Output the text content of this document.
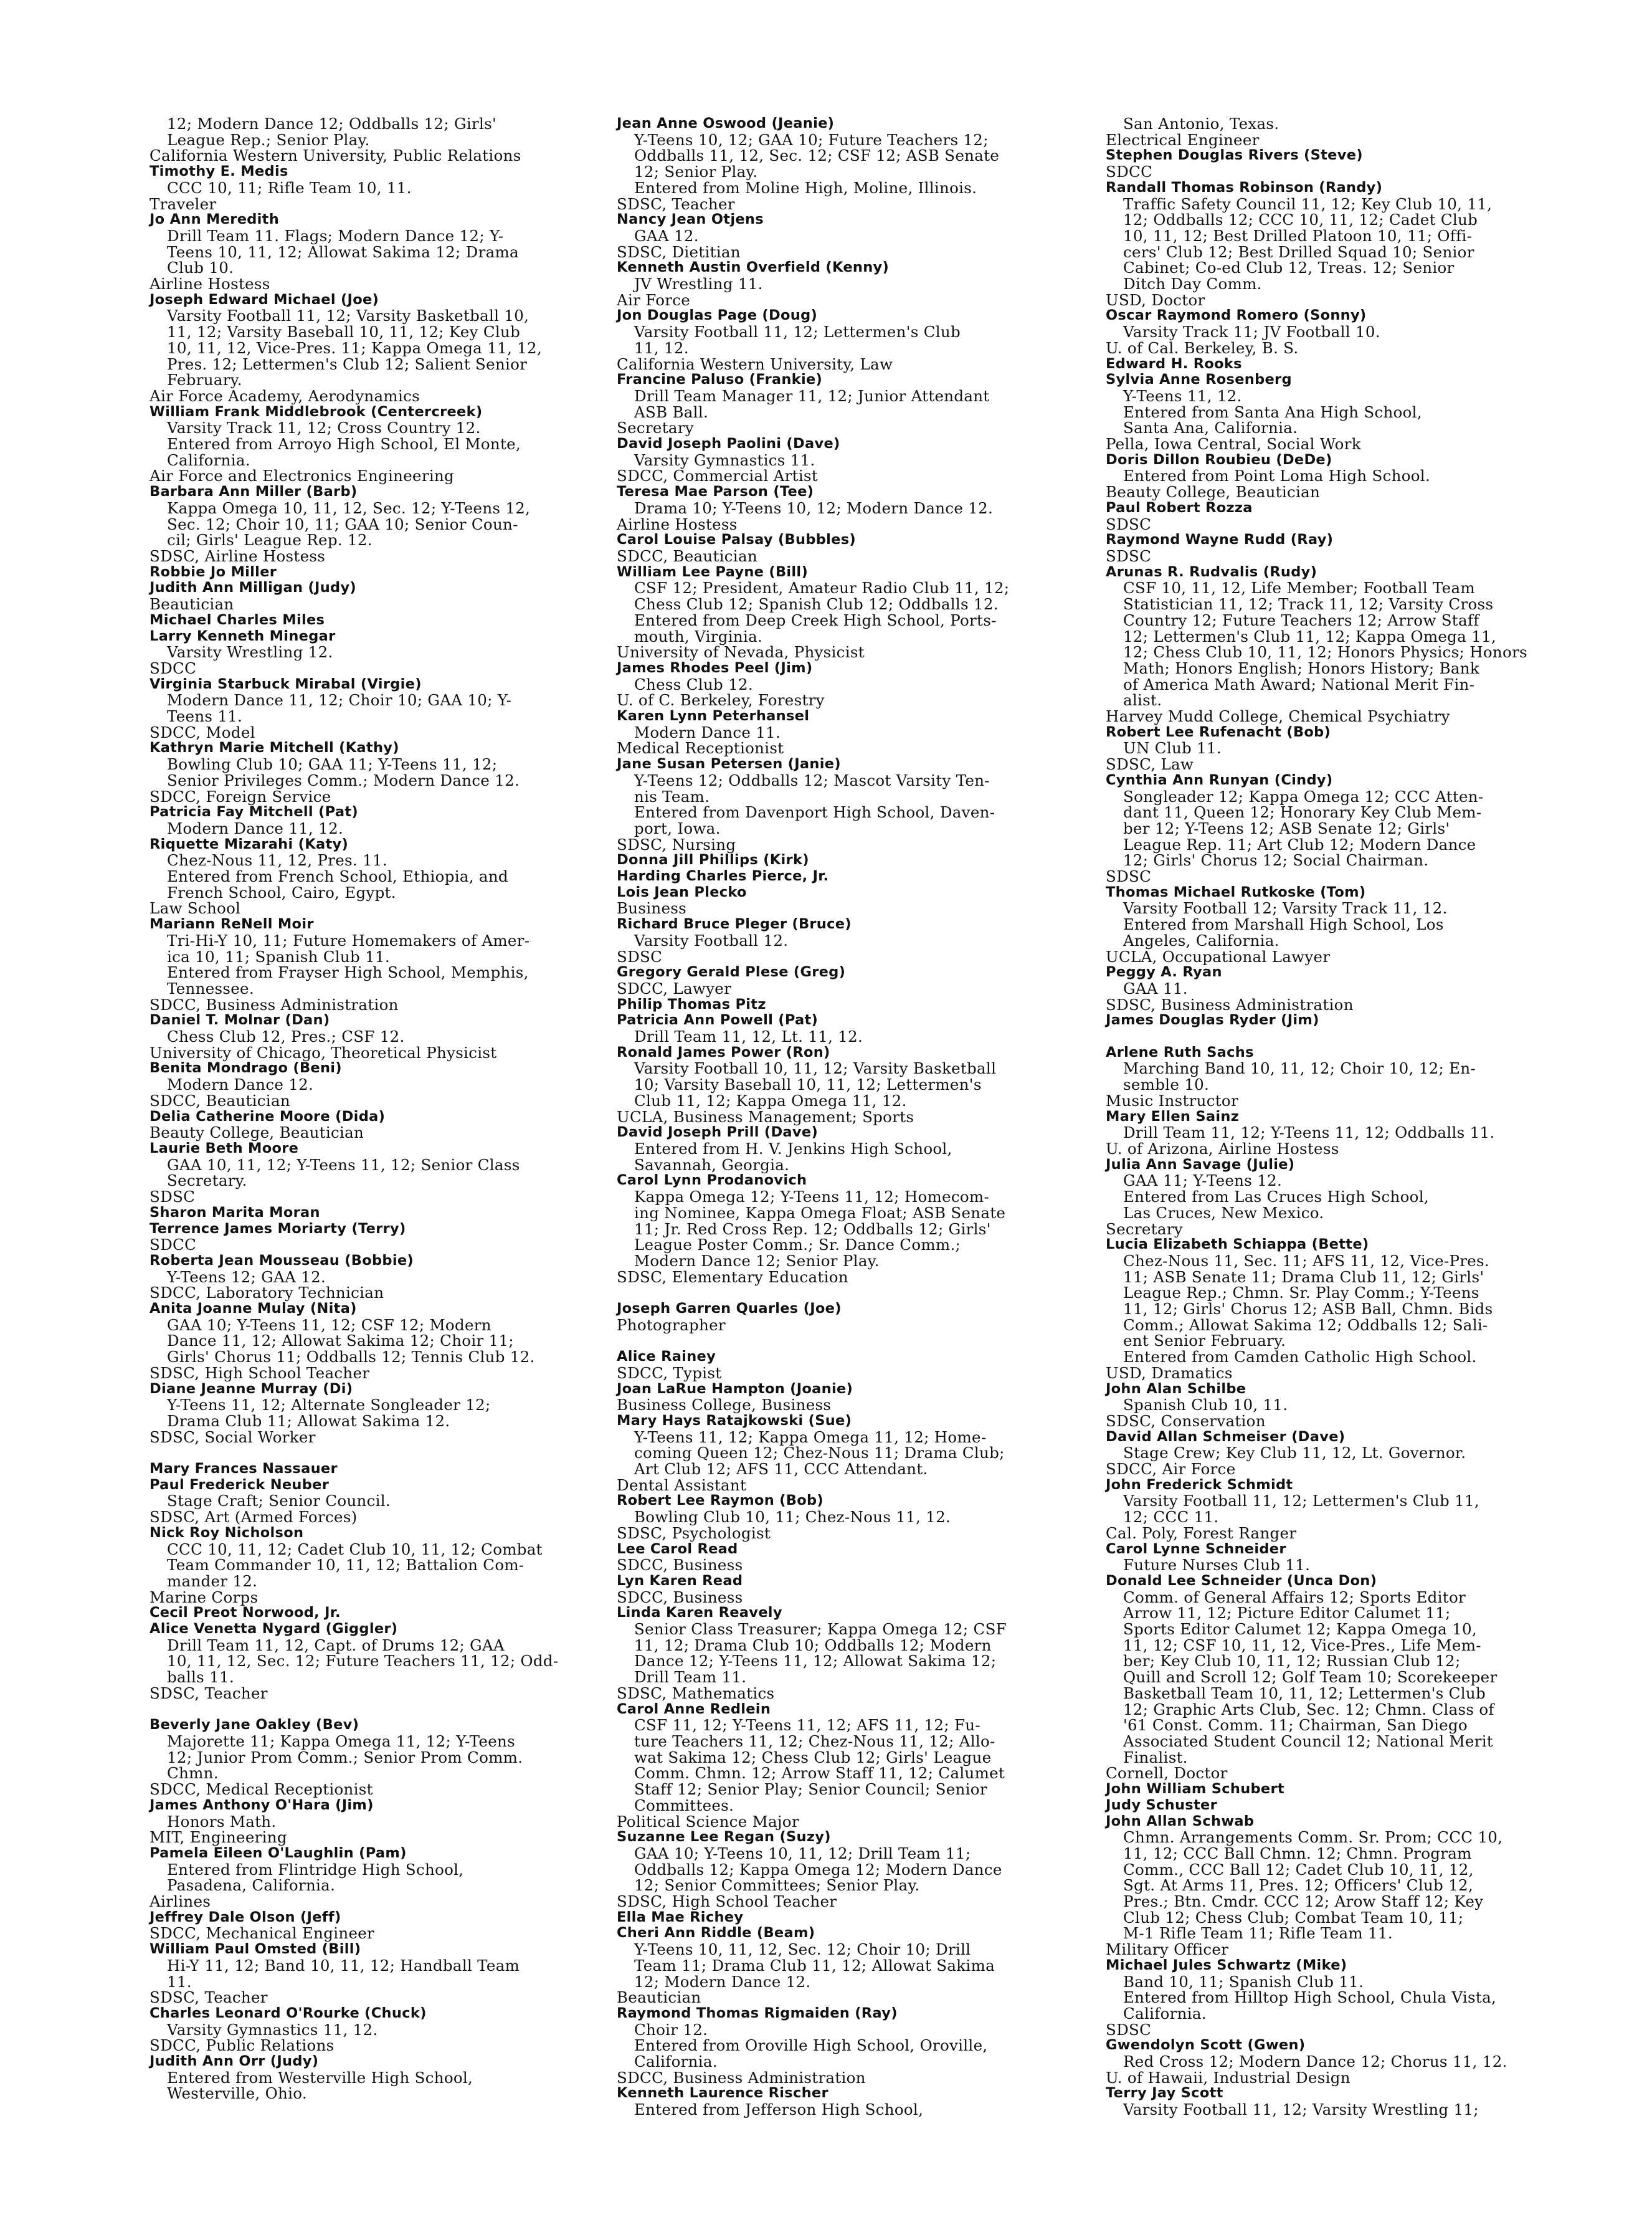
12; Modern Dance 12; Oddballs 12; Girls'
League Rep.; Senior Play.
California Western University, Public Relations
Timothy E. Medis
CCC 10, 11; Rifle Team 10, 11.
Traveler
Jo Ann Meredith
Drill Team 11. Flags; Modern Dance 12; Y-
Teens 10, 11, 12; Allowat Sakima 12; Drama
Club 10.
Airline Hostess
Joseph Edward Michael (Joe)
Varsity Football 11, 12; Varsity Basketball 10,
11, 12; Varsity Baseball 10, 11, 12; Key Club
10, 11, 12, Vice-Pres. 11; Kappa Omega 11, 12,
Pres. 12; Lettermen's Club 12; Salient Senior
February.
Air Force Academy, Aerodynamics
William Frank Middlebrook (Centercreek)
Varsity Track 11, 12; Cross Country 12.
Entered from Arroyo High School, El Monte,
California.
Air Force and Electronics Engineering
Barbara Ann Miller (Barb)
Kappa Omega 10, 11, 12, Sec. 12; Y-Teens 12,
Sec. 12; Choir 10, 11; GAA 10; Senior Coun-
cil; Girls' League Rep. 12.
SDSC, Airline Hostess
Robbie Jo Miller
Judith Ann Milligan (Judy)
Beautician
Michael Charles Miles
Larry Kenneth Minegar
Varsity Wrestling 12.
SDCC
Virginia Starbuck Mirabal (Virgie)
Modern Dance 11, 12; Choir 10; GAA 10; Y-
Teens 11.
SDCC, Model
Kathryn Marie Mitchell (Kathy)
Bowling Club 10; GAA 11; Y-Teens 11, 12;
Senior Privileges Comm.; Modern Dance 12.
SDCC, Foreign Service
Patricia Fay Mitchell (Pat)
Modern Dance 11, 12.
Riquette Mizarahi (Katy)
Chez-Nous 11, 12, Pres. 11.
Entered from French School, Ethiopia, and
French School, Cairo, Egypt.
Law School
Mariann ReNell Moir
Tri-Hi-Y 10, 11; Future Homemakers of Amer-
ica 10, 11; Spanish Club 11.
Entered from Frayser High School, Memphis,
Tennessee.
SDCC, Business Administration
Daniel T. Molnar (Dan)
Chess Club 12, Pres.; CSF 12.
University of Chicago, Theoretical Physicist
Benita Mondrago (Beni)
Modern Dance 12.
SDCC, Beautician
Delia Catherine Moore (Dida)
Beauty College, Beautician
Laurie Beth Moore
GAA 10, 11, 12; Y-Teens 11, 12; Senior Class
Secretary.
SDSC
Sharon Marita Moran
Terrence James Moriarty (Terry)
SDCC
Roberta Jean Mousseau (Bobbie)
Y-Teens 12; GAA 12.
SDCC, Laboratory Technician
Anita Joanne Mulay (Nita)
GAA 10; Y-Teens 11, 12; CSF 12; Modern
Dance 11, 12; Allowat Sakima 12; Choir 11;
Girls' Chorus 11; Oddballs 12; Tennis Club 12.
SDSC, High School Teacher
Diane Jeanne Murray (Di)
Y-Teens 11, 12; Alternate Songleader 12;
Drama Club 11; Allowat Sakima 12.
SDSC, Social Worker
Mary Frances Nassauer
Paul Frederick Neuber
Stage Craft; Senior Council.
SDSC, Art (Armed Forces)
Nick Roy Nicholson
CCC 10, 11, 12; Cadet Club 10, 11, 12; Combat
Team Commander 10, 11, 12; Battalion Com-
mander 12.
Marine Corps
Cecil Preot Norwood, Jr.
Alice Venetta Nygard (Giggler)
Drill Team 11, 12, Capt. of Drums 12; GAA
10, 11, 12, Sec. 12; Future Teachers 11, 12; Odd-
balls 11.
SDSC, Teacher
Beverly Jane Oakley (Bev)
Majorette 11; Kappa Omega 11, 12; Y-Teens
12; Junior Prom Comm.; Senior Prom Comm.
Chmn.
SDCC, Medical Receptionist
James Anthony O'Hara (Jim)
Honors Math.
MIT, Engineering
Pamela Eileen O'Laughlin (Pam)
Entered from Flintridge High School,
Pasadena, California.
Airlines
Jeffrey Dale Olson (Jeff)
SDCC, Mechanical Engineer
William Paul Omsted (Bill)
Hi-Y 11, 12; Band 10, 11, 12; Handball Team
11.
SDSC, Teacher
Charles Leonard O'Rourke (Chuck)
Varsity Gymnastics 11, 12.
SDCC, Public Relations
Judith Ann Orr (Judy)
Entered from Westerville High School,
Westerville, Ohio.
Jean Anne Oswood (Jeanie)
Y-Teens 10, 12; GAA 10; Future Teachers 12;
Oddballs 11, 12, Sec. 12; CSF 12; ASB Senate
12; Senior Play.
Entered from Moline High, Moline, Illinois.
SDSC, Teacher
Nancy Jean Otjens
GAA 12.
SDSC, Dietitian
Kenneth Austin Overfield (Kenny)
JV Wrestling 11.
Air Force
Jon Douglas Page (Doug)
Varsity Football 11, 12; Lettermen's Club
11, 12.
California Western University, Law
Francine Paluso (Frankie)
Drill Team Manager 11, 12; Junior Attendant
ASB Ball.
Secretary
David Joseph Paolini (Dave)
Varsity Gymnastics 11.
SDCC, Commercial Artist
Teresa Mae Parson (Tee)
Drama 10; Y-Teens 10, 12; Modern Dance 12.
Airline Hostess
Carol Louise Palsay (Bubbles)
SDCC, Beautician
William Lee Payne (Bill)
CSF 12; President, Amateur Radio Club 11, 12;
Chess Club 12; Spanish Club 12; Oddballs 12.
Entered from Deep Creek High School, Ports-
mouth, Virginia.
University of Nevada, Physicist
James Rhodes Peel (Jim)
Chess Club 12.
U. of C. Berkeley, Forestry
Karen Lynn Peterhansel
Modern Dance 11.
Medical Receptionist
Jane Susan Petersen (Janie)
Y-Teens 12; Oddballs 12; Mascot Varsity Ten-
nis Team.
Entered from Davenport High School, Daven-
port, Iowa.
SDSC, Nursing
Donna Jill Phillips (Kirk)
Harding Charles Pierce, Jr.
Lois Jean Plecko
Business
Richard Bruce Pleger (Bruce)
Varsity Football 12.
SDSC
Gregory Gerald Plese (Greg)
SDCC, Lawyer
Philip Thomas Pitz
Patricia Ann Powell (Pat)
Drill Team 11, 12, Lt. 11, 12.
Ronald James Power (Ron)
Varsity Football 10, 11, 12; Varsity Basketball
10; Varsity Baseball 10, 11, 12; Lettermen's
Club 11, 12; Kappa Omega 11, 12.
UCLA, Business Management; Sports
David Joseph Prill (Dave)
Entered from H. V. Jenkins High School,
Savannah, Georgia.
Carol Lynn Prodanovich
Kappa Omega 12; Y-Teens 11, 12; Homecom-
ing Nominee, Kappa Omega Float; ASB Senate
11; Jr. Red Cross Rep. 12; Oddballs 12; Girls'
League Poster Comm.; Sr. Dance Comm.;
Modern Dance 12; Senior Play.
SDSC, Elementary Education
Joseph Garren Quarles (Joe)
Photographer
Alice Rainey
SDCC, Typist
Joan LaRue Hampton (Joanie)
Business College, Business
Mary Hays Ratajkowski (Sue)
Y-Teens 11, 12; Kappa Omega 11, 12; Home-
coming Queen 12; Chez-Nous 11; Drama Club;
Art Club 12; AFS 11, CCC Attendant.
Dental Assistant
Robert Lee Raymon (Bob)
Bowling Club 10, 11; Chez-Nous 11, 12.
SDSC, Psychologist
Lee Carol Read
SDCC, Business
Lyn Karen Read
SDCC, Business
Linda Karen Reavely
Senior Class Treasurer; Kappa Omega 12; CSF
11, 12; Drama Club 10; Oddballs 12; Modern
Dance 12; Y-Teens 11, 12; Allowat Sakima 12;
Drill Team 11.
SDSC, Mathematics
Carol Anne Redlein
CSF 11, 12; Y-Teens 11, 12; AFS 11, 12; Fu-
ture Teachers 11, 12; Chez-Nous 11, 12; Allo-
wat Sakima 12; Chess Club 12; Girls' League
Comm. Chmn. 12; Arrow Staff 11, 12; Calumet
Staff 12; Senior Play; Senior Council; Senior
Committees.
Political Science Major
Suzanne Lee Regan (Suzy)
GAA 10; Y-Teens 10, 11, 12; Drill Team 11;
Oddballs 12; Kappa Omega 12; Modern Dance
12; Senior Committees; Senior Play.
SDSC, High School Teacher
Ella Mae Richey
Cheri Ann Riddle (Beam)
Y-Teens 10, 11, 12, Sec. 12; Choir 10; Drill
Team 11; Drama Club 11, 12; Allowat Sakima
12; Modern Dance 12.
Beautician
Raymond Thomas Rigmaiden (Ray)
Choir 12.
Entered from Oroville High School, Oroville,
California.
SDCC, Business Administration
Kenneth Laurence Rischer
Entered from Jefferson High School,
San Antonio, Texas.
Electrical Engineer
Stephen Douglas Rivers (Steve)
SDCC
Randall Thomas Robinson (Randy)
Traffic Safety Council 11, 12; Key Club 10, 11,
12; Oddballs 12; CCC 10, 11, 12; Cadet Club
10, 11, 12; Best Drilled Platoon 10, 11; Offi-
cers' Club 12; Best Drilled Squad 10; Senior
Cabinet; Co-ed Club 12, Treas. 12; Senior
Ditch Day Comm.
USD, Doctor
Oscar Raymond Romero (Sonny)
Varsity Track 11; JV Football 10.
U. of Cal. Berkeley, B. S.
Edward H. Rooks
Sylvia Anne Rosenberg
Y-Teens 11, 12.
Entered from Santa Ana High School,
Santa Ana, California.
Pella, Iowa Central, Social Work
Doris Dillon Roubieu (DeDe)
Entered from Point Loma High School.
Beauty College, Beautician
Paul Robert Rozza
SDSC
Raymond Wayne Rudd (Ray)
SDSC
Arunas R. Rudvalis (Rudy)
CSF 10, 11, 12, Life Member; Football Team
Statistician 11, 12; Track 11, 12; Varsity Cross
Country 12; Future Teachers 12; Arrow Staff
12; Lettermen's Club 11, 12; Kappa Omega 11,
12; Chess Club 10, 11, 12; Honors Physics; Honors
Math; Honors English; Honors History; Bank
of America Math Award; National Merit Fin-
alist.
Harvey Mudd College, Chemical Psychiatry
Robert Lee Rufenacht (Bob)
UN Club 11.
SDSC, Law
Cynthia Ann Runyan (Cindy)
Songleader 12; Kappa Omega 12; CCC Atten-
dant 11, Queen 12; Honorary Key Club Mem-
ber 12; Y-Teens 12; ASB Senate 12; Girls'
League Rep. 11; Art Club 12; Modern Dance
12; Girls' Chorus 12; Social Chairman.
SDSC
Thomas Michael Rutkoske (Tom)
Varsity Football 12; Varsity Track 11, 12.
Entered from Marshall High School, Los
Angeles, California.
UCLA, Occupational Lawyer
Peggy A. Ryan
GAA 11.
SDSC, Business Administration
James Douglas Ryder (Jim)
Arlene Ruth Sachs
Marching Band 10, 11, 12; Choir 10, 12; En-
semble 10.
Music Instructor
Mary Ellen Sainz
Drill Team 11, 12; Y-Teens 11, 12; Oddballs 11.
U. of Arizona, Airline Hostess
Julia Ann Savage (Julie)
GAA 11; Y-Teens 12.
Entered from Las Cruces High School,
Las Cruces, New Mexico.
Secretary
Lucia Elizabeth Schiappa (Bette)
Chez-Nous 11, Sec. 11; AFS 11, 12, Vice-Pres.
11; ASB Senate 11; Drama Club 11, 12; Girls'
League Rep.; Chmn. Sr. Play Comm.; Y-Teens
11, 12; Girls' Chorus 12; ASB Ball, Chmn. Bids
Comm.; Allowat Sakima 12; Oddballs 12; Sali-
ent Senior February.
Entered from Camden Catholic High School.
USD, Dramatics
John Alan Schilbe
Spanish Club 10, 11.
SDSC, Conservation
David Allan Schmeiser (Dave)
Stage Crew; Key Club 11, 12, Lt. Governor.
SDCC, Air Force
John Frederick Schmidt
Varsity Football 11, 12; Lettermen's Club 11,
12; CCC 11.
Cal. Poly, Forest Ranger
Carol Lynne Schneider
Future Nurses Club 11.
Donald Lee Schneider (Unca Don)
Comm. of General Affairs 12; Sports Editor
Arrow 11, 12; Picture Editor Calumet 11;
Sports Editor Calumet 12; Kappa Omega 10,
11, 12; CSF 10, 11, 12, Vice-Pres., Life Mem-
ber; Key Club 10, 11, 12; Russian Club 12;
Quill and Scroll 12; Golf Team 10; Scorekeeper
Basketball Team 10, 11, 12; Lettermen's Club
12; Graphic Arts Club, Sec. 12; Chmn. Class of
'61 Const. Comm. 11; Chairman, San Diego
Associated Student Council 12; National Merit
Finalist.
Cornell, Doctor
John William Schubert
Judy Schuster
John Allan Schwab
Chmn. Arrangements Comm. Sr. Prom; CCC 10,
11, 12; CCC Ball Chmn. 12; Chmn. Program
Comm., CCC Ball 12; Cadet Club 10, 11, 12,
Sgt. At Arms 11, Pres. 12; Officers' Club 12,
Pres.; Btn. Cmdr. CCC 12; Arow Staff 12; Key
Club 12; Chess Club; Combat Team 10, 11;
M-1 Rifle Team 11; Rifle Team 11.
Military Officer
Michael Jules Schwartz (Mike)
Band 10, 11; Spanish Club 11.
Entered from Hilltop High School, Chula Vista,
California.
SDSC
Gwendolyn Scott (Gwen)
Red Cross 12; Modern Dance 12; Chorus 11, 12.
U. of Hawaii, Industrial Design
Terry Jay Scott
Varsity Football 11, 12; Varsity Wrestling 11;
